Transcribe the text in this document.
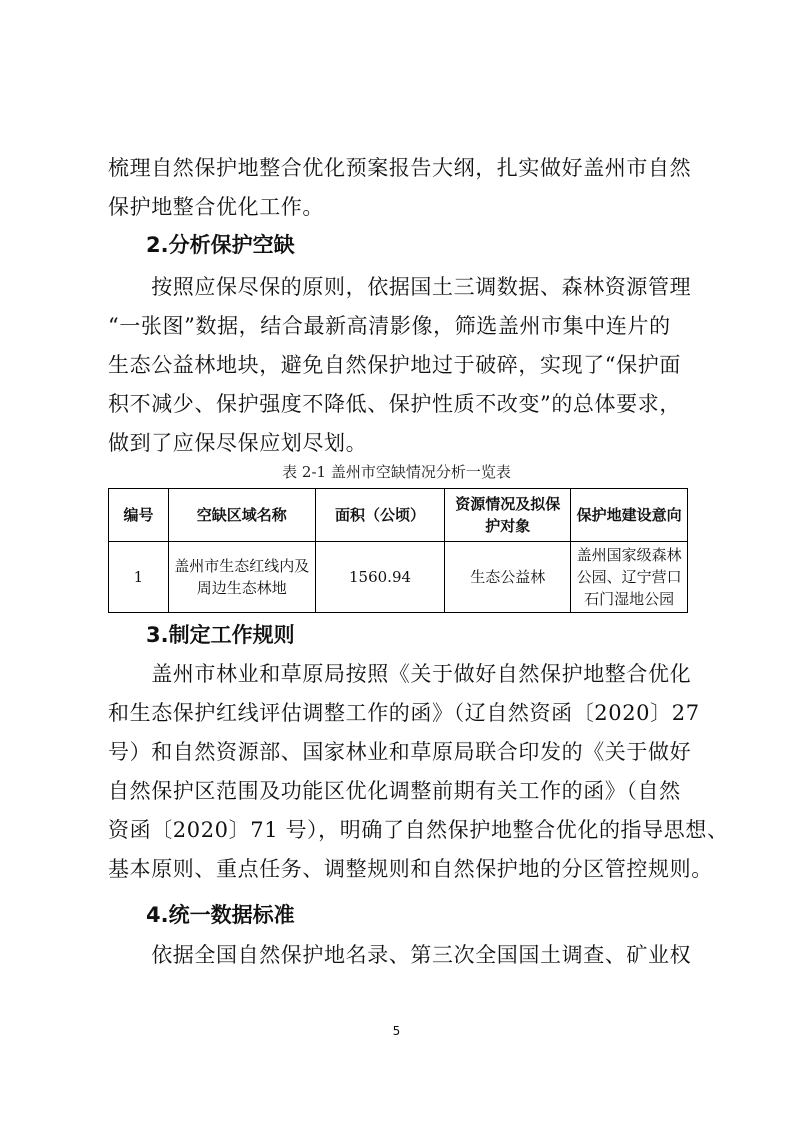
梳理自然保护地整合优化预案报告大纲，扎实做好盖州市自然
保护地整合优化工作。

2.分析保护空缺

　　按照应保尽保的原则，依据国土三调数据、森林资源管理
“一张图”数据，结合最新高清影像，筛选盖州市集中连片的
生态公益林地块，避免自然保护地过于破碎，实现了“保护面
积不减少、保护强度不降低、保护性质不改变”的总体要求，
做到了应保尽保应划尽划。

表 2-1 盖州市空缺情况分析一览表

编号	空缺区域名称	面积（公顷）	资源情况及拟保护对象	保护地建设意向
1	盖州市生态红线内及周边生态林地	1560.94	生态公益林	盖州国家级森林公园、辽宁营口石门湿地公园
3.制定工作规则

　　盖州市林业和草原局按照《关于做好自然保护地整合优化
和生态保护红线评估调整工作的函》（辽自然资函〔2020〕27
号）和自然资源部、国家林业和草原局联合印发的《关于做好
自然保护区范围及功能区优化调整前期有关工作的函》（自然
资函〔2020〕71 号），明确了自然保护地整合优化的指导思想、
基本原则、重点任务、调整规则和自然保护地的分区管控规则。

4.统一数据标准

　　依据全国自然保护地名录、第三次全国国土调查、矿业权

5
